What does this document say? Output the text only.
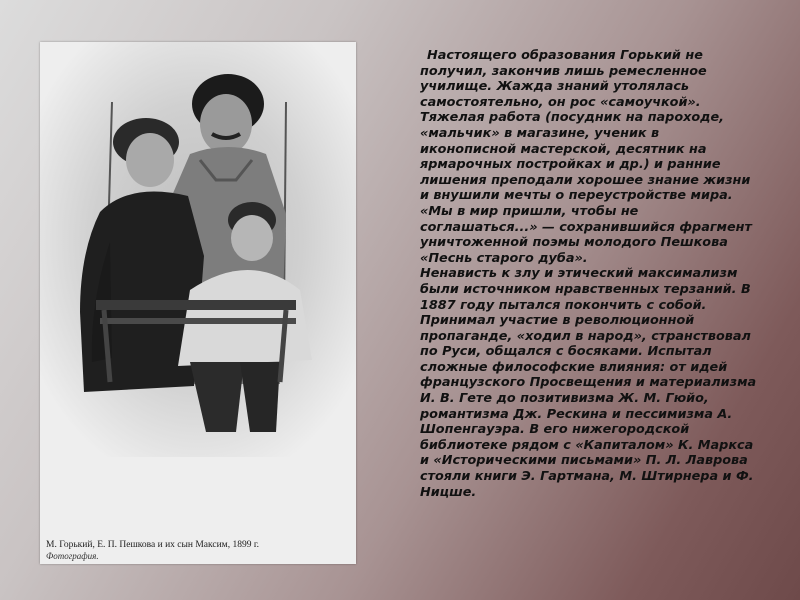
М. Горький, Е. П. Пешкова и их сын Максим, 1899 г.
Фотография.

Настоящего образования Горький не получил, закончив лишь ремесленное училище. Жажда знаний утолялась самостоятельно, он рос «самоучкой». Тяжелая работа (посудник на пароходе, «мальчик» в магазине, ученик в иконописной мастерской, десятник на ярмарочных постройках и др.) и ранние лишения преподали хорошее знание жизни и внушили мечты о переустройстве мира. «Мы в мир пришли, чтобы не соглашаться...» — сохранившийся фрагмент уничтоженной поэмы молодого Пешкова «Песнь старого дуба».

Ненависть к злу и этический максимализм были источником нравственных терзаний. В 1887 году пытался покончить с собой. Принимал участие в революционной пропаганде, «ходил в народ», странствовал по Руси, общался с босяками. Испытал сложные философские влияния: от идей французского Просвещения и материализма И. В. Гете до позитивизма Ж. М. Гюйо, романтизма Дж. Рескина и пессимизма А. Шопенгауэра. В его нижегородской библиотеке рядом с «Капиталом» К. Маркса и «Историческими письмами» П. Л. Лаврова стояли книги Э. Гартмана, М. Штирнера и Ф. Ницше.
